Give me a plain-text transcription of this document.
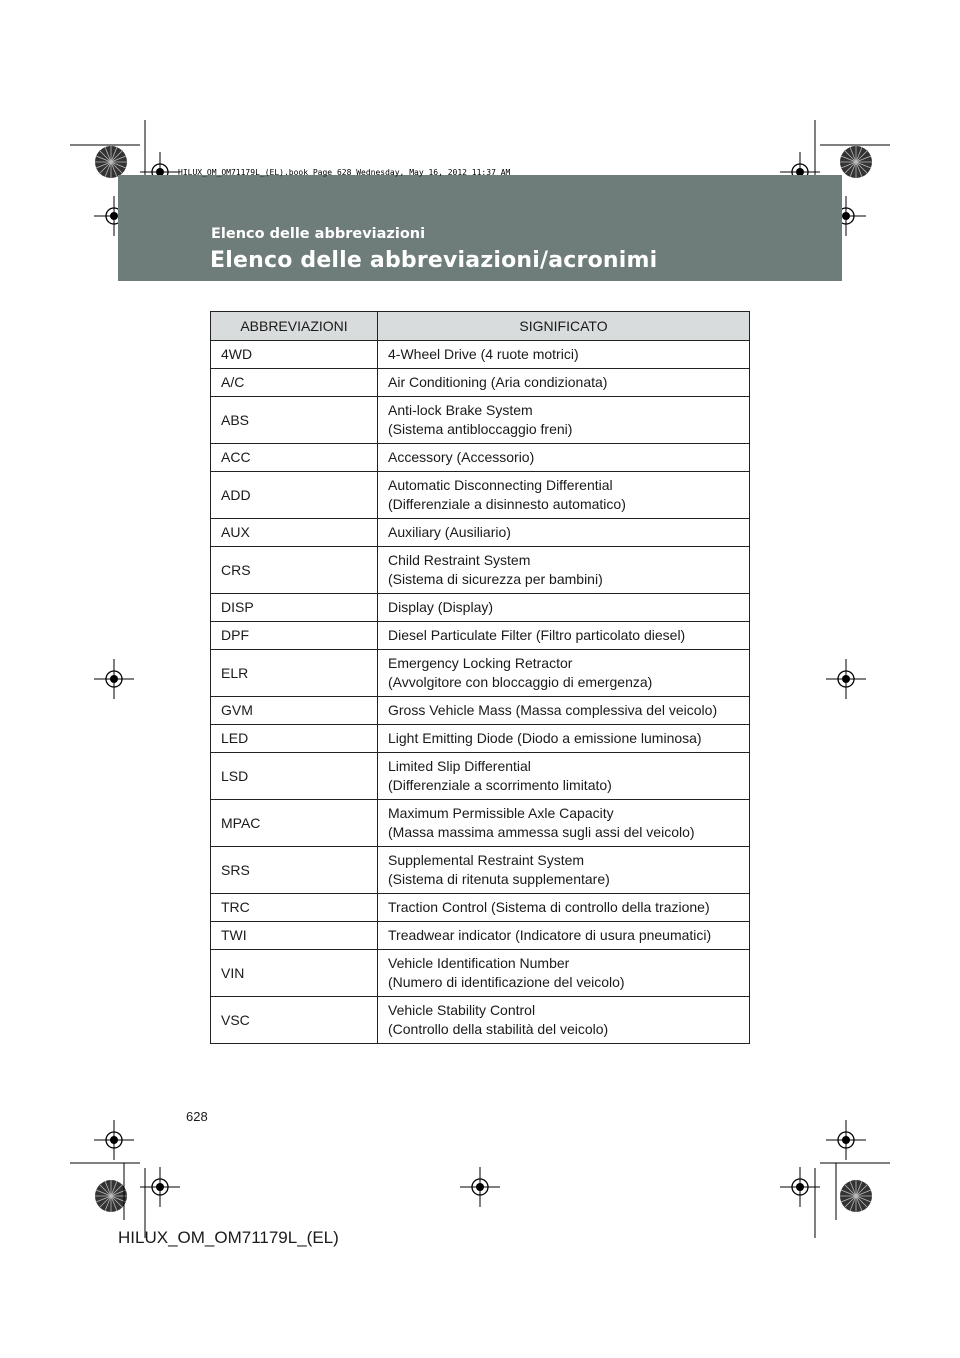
HILUX_OM_OM71179L_(EL).book Page 628 Wednesday, May 16, 2012 11:37 AM
Elenco delle abbreviazioni
Elenco delle abbreviazioni/acronimi
ABBREVIAZIONI	SIGNIFICATO
4WD	4-Wheel Drive (4 ruote motrici)

A/C	Air Conditioning (Aria condizionata)

ABS	Anti-lock Brake System
(Sistema antibloccaggio freni)

ACC	Accessory (Accessorio)

ADD	Automatic Disconnecting Differential
(Differenziale a disinnesto automatico)

AUX	Auxiliary (Ausiliario)

CRS	Child Restraint System
(Sistema di sicurezza per bambini)

DISP	Display (Display)

DPF	Diesel Particulate Filter (Filtro particolato diesel)

ELR	Emergency Locking Retractor
(Avvolgitore con bloccaggio di emergenza)

GVM	Gross Vehicle Mass (Massa complessiva del veicolo)

LED	Light Emitting Diode (Diodo a emissione luminosa)

LSD	Limited Slip Differential
(Differenziale a scorrimento limitato)

MPAC	Maximum Permissible Axle Capacity
(Massa massima ammessa sugli assi del veicolo)

SRS	Supplemental Restraint System
(Sistema di ritenuta supplementare)

TRC	Traction Control (Sistema di controllo della trazione)

TWI	Treadwear indicator (Indicatore di usura pneumatici)

VIN	Vehicle Identification Number
(Numero di identificazione del veicolo)

VSC	Vehicle Stability Control
(Controllo della stabilità del veicolo)
628
HILUX_OM_OM71179L_(EL)
